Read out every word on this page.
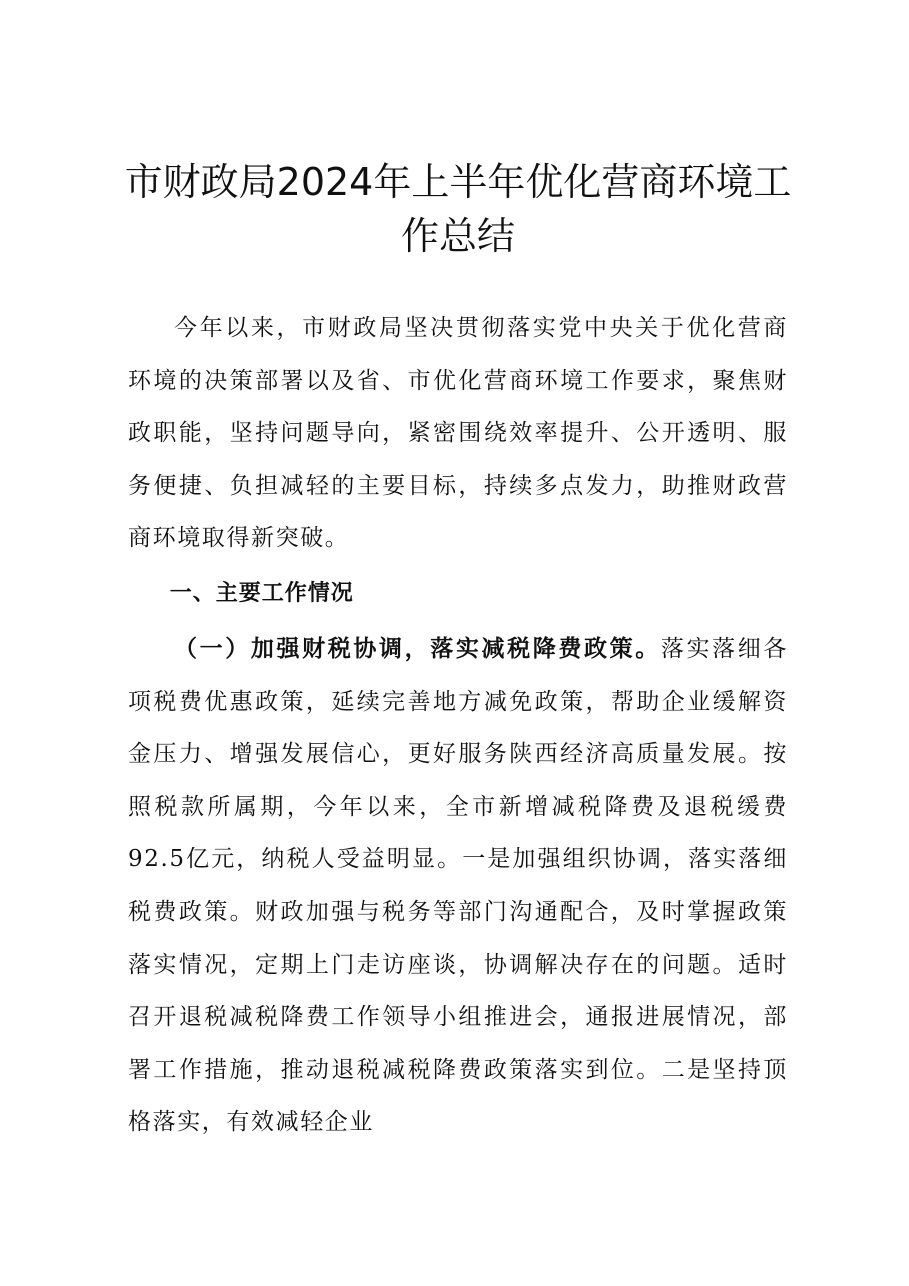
市财政局2024年上半年优化营商环境工作总结

今年以来，市财政局坚决贯彻落实党中央关于优化营商环境的决策部署以及省、市优化营商环境工作要求，聚焦财政职能，坚持问题导向，紧密围绕效率提升、公开透明、服务便捷、负担减轻的主要目标，持续多点发力，助推财政营商环境取得新突破。

一、主要工作情况

（一）加强财税协调，落实减税降费政策。落实落细各项税费优惠政策，延续完善地方减免政策，帮助企业缓解资金压力、增强发展信心，更好服务陕西经济高质量发展。按照税款所属期，今年以来，全市新增减税降费及退税缓费92.5亿元，纳税人受益明显。一是加强组织协调，落实落细税费政策。财政加强与税务等部门沟通配合，及时掌握政策落实情况，定期上门走访座谈，协调解决存在的问题。适时召开退税减税降费工作领导小组推进会，通报进展情况，部署工作措施，推动退税减税降费政策落实到位。二是坚持顶格落实，有效减轻企业
